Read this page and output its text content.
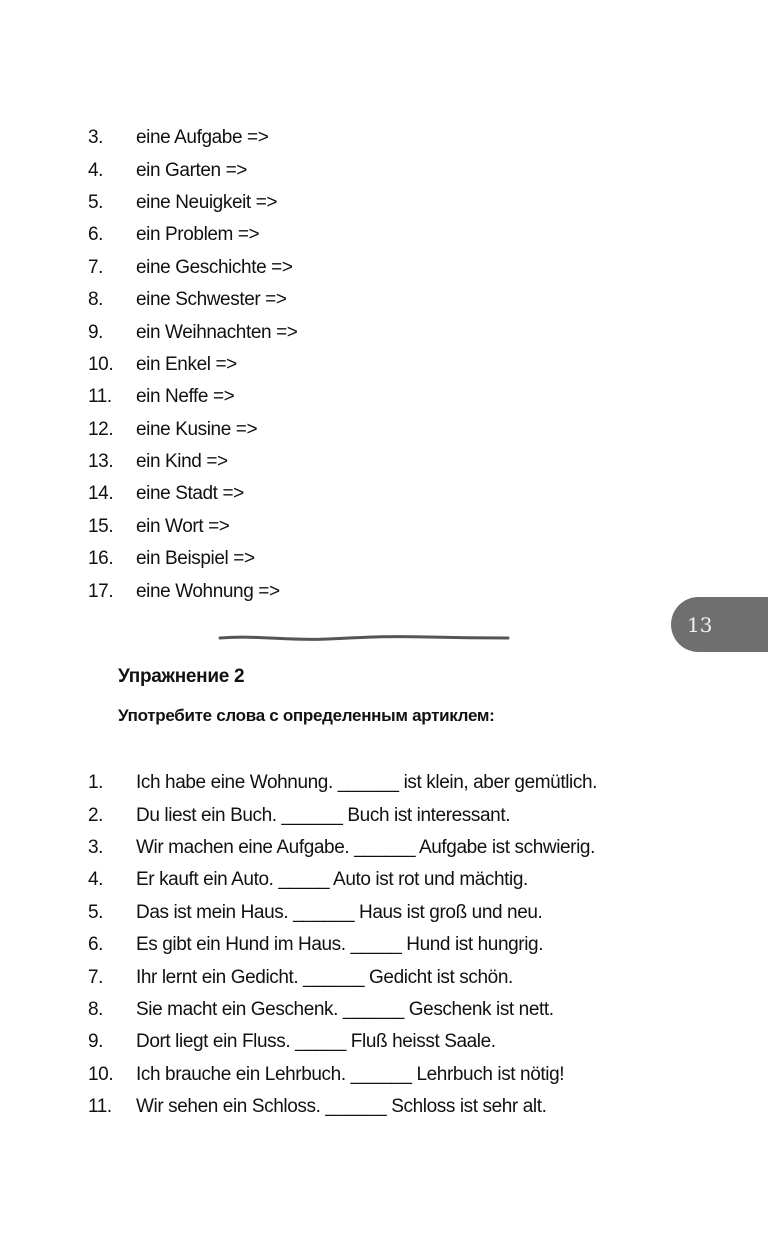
3.	eine Aufgabe =>
4.	ein Garten =>
5.	eine Neuigkeit =>
6.	ein Problem =>
7.	eine Geschichte =>
8.	eine Schwester =>
9.	ein Weihnachten =>
10.	ein Enkel =>
11.	ein Neffe =>
12.	eine Kusine =>
13.	ein Kind =>
14.	eine Stadt =>
15.	ein Wort =>
16.	ein Beispiel =>
17.	eine Wohnung =>
13
Упражнение 2
Употребите слова с определенным артиклем:
1.	Ich habe eine Wohnung. ______ ist klein, aber gemütlich.
2.	Du liest ein Buch. ______ Buch ist interessant.
3.	Wir machen eine Aufgabe. ______ Aufgabe ist schwierig.
4.	Er kauft ein Auto. _____ Auto ist rot und mächtig.
5.	Das ist mein Haus. ______ Haus ist groß und neu.
6.	Es gibt ein Hund im Haus. _____ Hund ist hungrig.
7.	Ihr lernt ein Gedicht. ______ Gedicht ist schön.
8.	Sie macht ein Geschenk. ______ Geschenk ist nett.
9.	Dort liegt ein Fluss. _____ Fluß heisst Saale.
10.	Ich brauche ein Lehrbuch. ______ Lehrbuch ist nötig!
11.	Wir sehen ein Schloss. ______ Schloss ist sehr alt.
